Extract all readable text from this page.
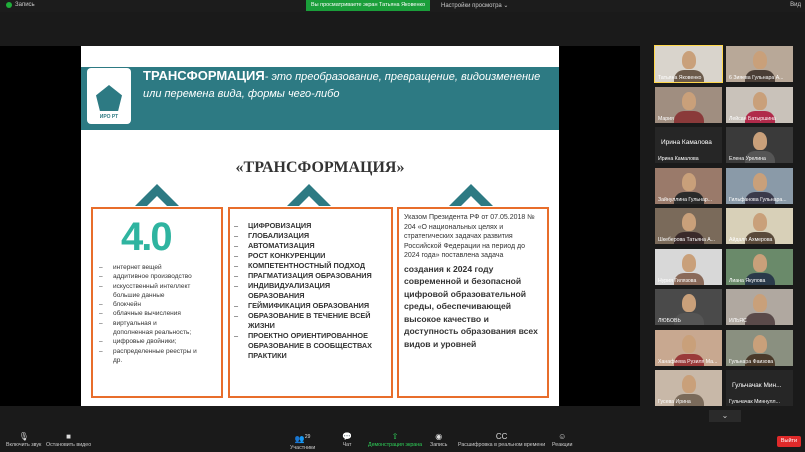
Запись	Вы просматриваете экран Татьяна Яковенко	Настройки просмотра ⌄	Вид
ИРО РТ
ТРАНСФОРМАЦИЯ- это преобразование, превращение, видоизменение или перемена вида, формы чего-либо
«ТРАНСФОРМАЦИЯ»
4.0
– интернет вещей
– аддитивное производство
– искусственный интеллект
большие данные
– блокчейн
– облачные вычисления
– виртуальная и
дополненная реальность;
– цифровые двойники;
– распределенные реестры и
др.
– ЦИФРОВИЗАЦИЯ
– ГЛОБАЛИЗАЦИЯ
– АВТОМАТИЗАЦИЯ
– РОСТ КОНКУРЕНЦИИ
– КОМПЕТЕНТНОСТНЫЙ ПОДХОД
– ПРАГМАТИЗАЦИЯ ОБРАЗОВАНИЯ
– ИНДИВИДУАЛИЗАЦИЯ
ОБРАЗОВАНИЯ
– ГЕЙМИФИКАЦИЯ ОБРАЗОВАНИЯ
– ОБРАЗОВАНИЕ В ТЕЧЕНИЕ ВСЕЙ
ЖИЗНИ
– ПРОЕКТНО ОРИЕНТИРОВАННОЕ
ОБРАЗОВАНИЕ В СООБЩЕСТВАХ
ПРАКТИКИ
Указом Президента РФ от 07.05.2018 № 204 «О национальных целях и стратегических задачах развития Российской Федерации на период до 2024 года» поставлена задача
создания к 2024 году современной и безопасной цифровой образовательной среды, обеспечивающей высокое качество и доступность образования всех видов и уровней
Татьяна Яковенко	6 Зияева Гульнара А...
Мария	Лейсан Батыршина
Ирина Камалова
Ирина Камалова	Елена Урелина
Зайнуллина Гульнар...	Гильфанова Гульнара...
Шкеберова Татьяна А...	Айдаля Ахмерова
Нурия Гилязова	Лиана Якупова
ЛЮБОВЬ	ИЛЬЯС
Ханафиева Рузиля Ма... Гульнара Фаизова
Гусева Ирина
Гульчачак Мин...
Гульчачак Миннулл...
⌄
🎙
Включить звук
■
Остановить видео
👥$^{29}$
Участники
💬
Чат
⇧
Демонстрация экрана
◉
Запись
CC
Расшифровка в реальном времени
☺
Реакции
Выйти
